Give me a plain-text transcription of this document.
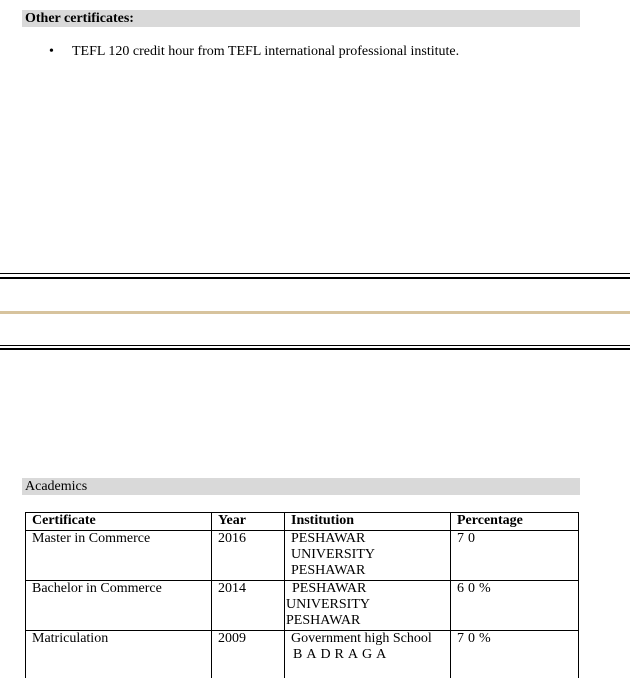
Other certificates:
• TEFL 120 credit hour from TEFL international professional institute.
Academics
Certificate	Year	Institution	Percentage
Master in Commerce	2016	PESHAWAR
UNIVERSITY
PESHAWAR	70
Bachelor in Commerce	2014	PESHAWAR
UNIVERSITY
PESHAWAR	60%
Matriculation	2009	Government high School
BADRAGA	70%
